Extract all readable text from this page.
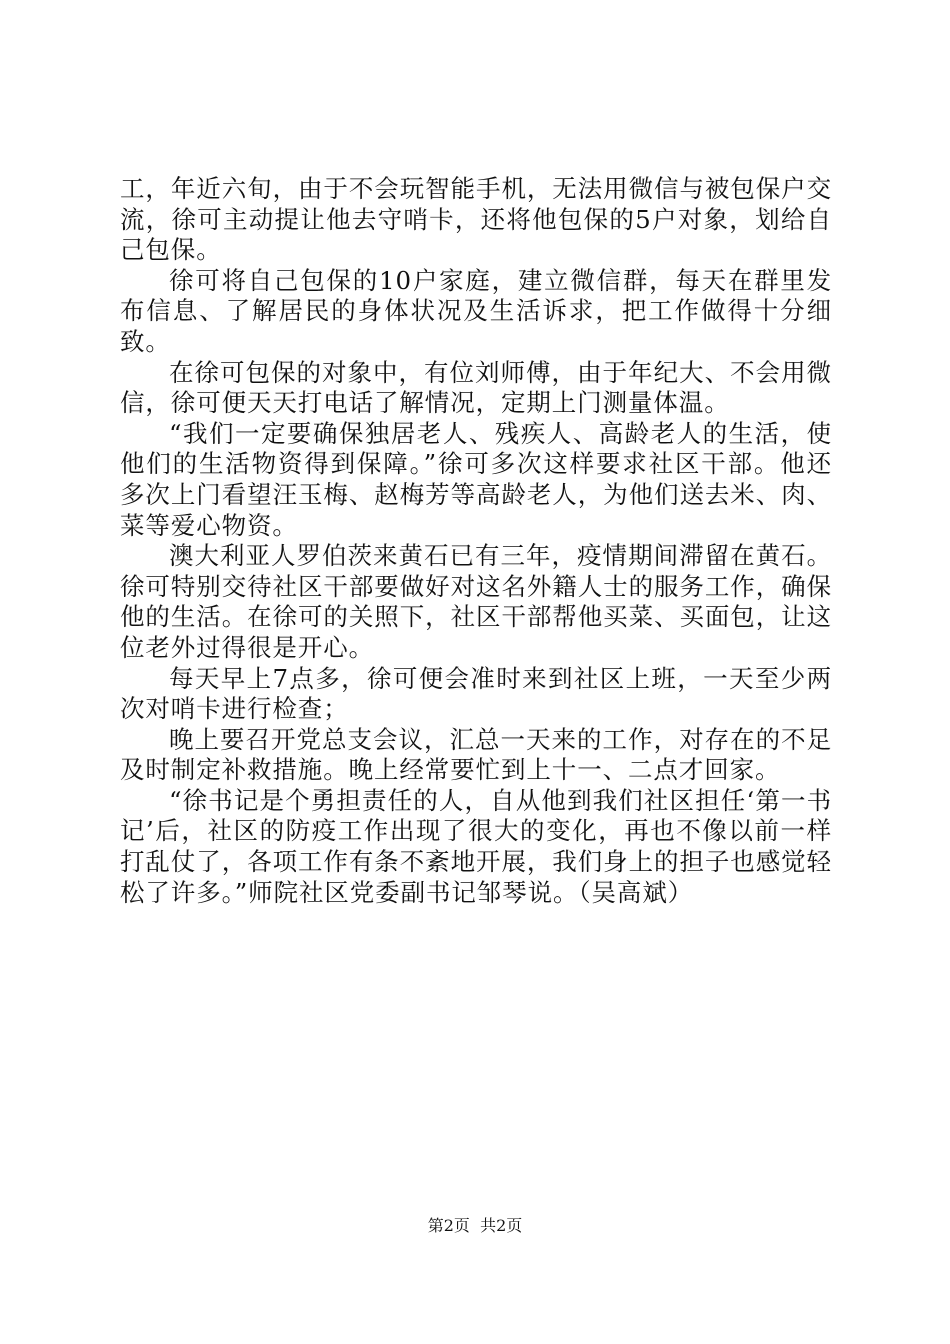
工，年近六旬，由于不会玩智能手机，无法用微信与被包保户交流，徐可主动提让他去守哨卡，还将他包保的5户对象，划给自己包保。

徐可将自己包保的10户家庭，建立微信群，每天在群里发布信息、了解居民的身体状况及生活诉求，把工作做得十分细致。

在徐可包保的对象中，有位刘师傅，由于年纪大、不会用微信，徐可便天天打电话了解情况，定期上门测量体温。

“我们一定要确保独居老人、残疾人、高龄老人的生活，使他们的生活物资得到保障。”徐可多次这样要求社区干部。他还多次上门看望汪玉梅、赵梅芳等高龄老人，为他们送去米、肉、菜等爱心物资。

澳大利亚人罗伯茨来黄石已有三年，疫情期间滞留在黄石。徐可特别交待社区干部要做好对这名外籍人士的服务工作，确保他的生活。在徐可的关照下，社区干部帮他买菜、买面包，让这位老外过得很是开心。

每天早上7点多，徐可便会准时来到社区上班，一天至少两次对哨卡进行检查；

晚上要召开党总支会议，汇总一天来的工作，对存在的不足及时制定补救措施。晚上经常要忙到上十一、二点才回家。

“徐书记是个勇担责任的人，自从他到我们社区担任‘第一书记’后，社区的防疫工作出现了很大的变化，再也不像以前一样打乱仗了，各项工作有条不紊地开展，我们身上的担子也感觉轻松了许多。”师院社区党委副书记邹琴说。（吴高斌）

第2页  共2页
